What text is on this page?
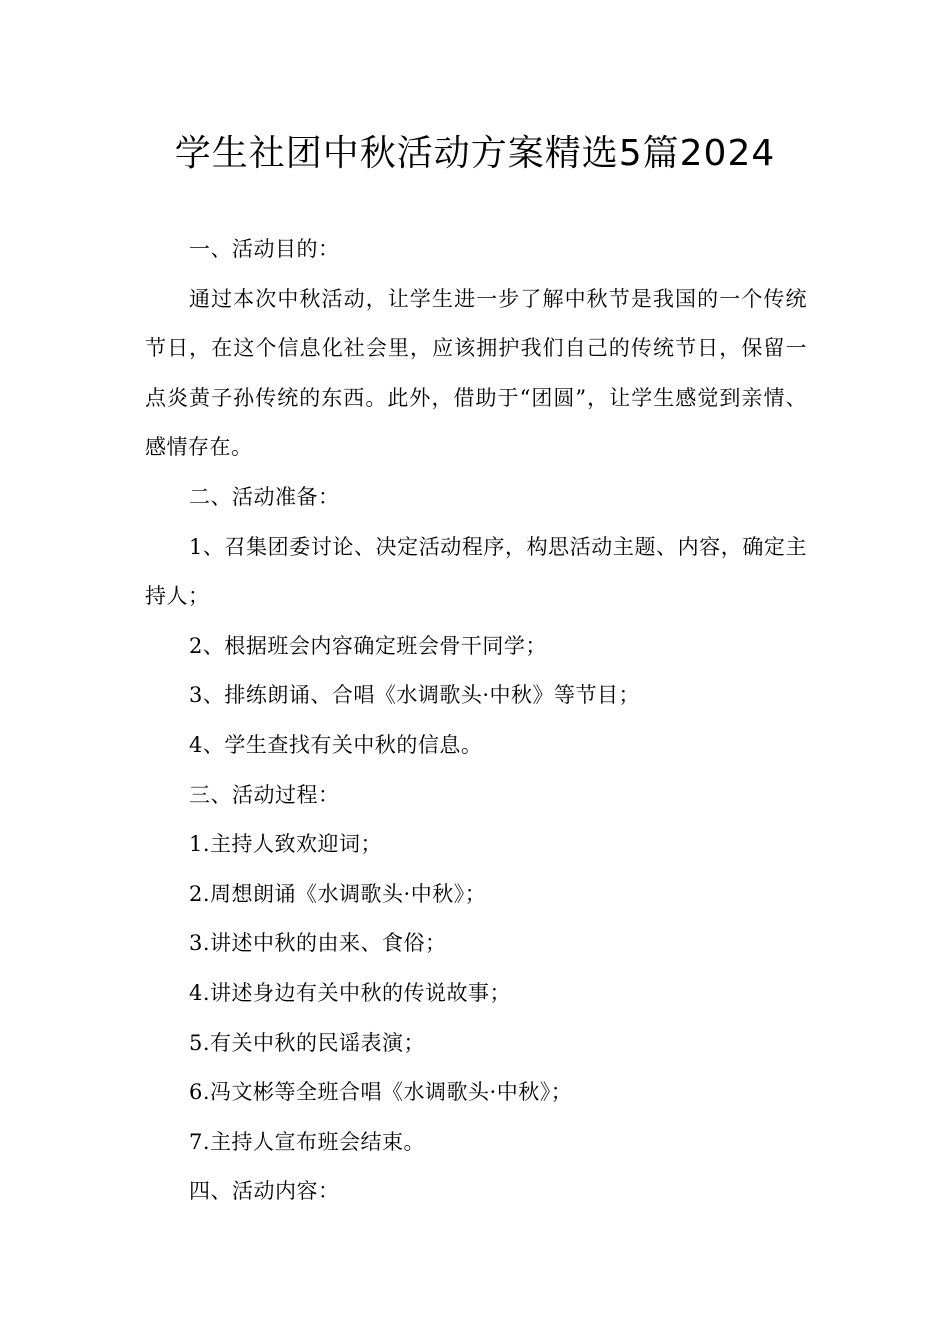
学生社团中秋活动方案精选5篇2024

一、活动目的：

通过本次中秋活动，让学生进一步了解中秋节是我国的一个传统节日，在这个信息化社会里，应该拥护我们自己的传统节日，保留一点炎黄子孙传统的东西。此外，借助于“团圆”，让学生感觉到亲情、感情存在。

二、活动准备：

1、召集团委讨论、决定活动程序，构思活动主题、内容，确定主持人；

2、根据班会内容确定班会骨干同学；

3、排练朗诵、合唱《水调歌头·中秋》等节目；

4、学生查找有关中秋的信息。

三、活动过程：

1.主持人致欢迎词；

2.周想朗诵《水调歌头·中秋》；

3.讲述中秋的由来、食俗；

4.讲述身边有关中秋的传说故事；

5.有关中秋的民谣表演；

6.冯文彬等全班合唱《水调歌头·中秋》；

7.主持人宣布班会结束。

四、活动内容：
